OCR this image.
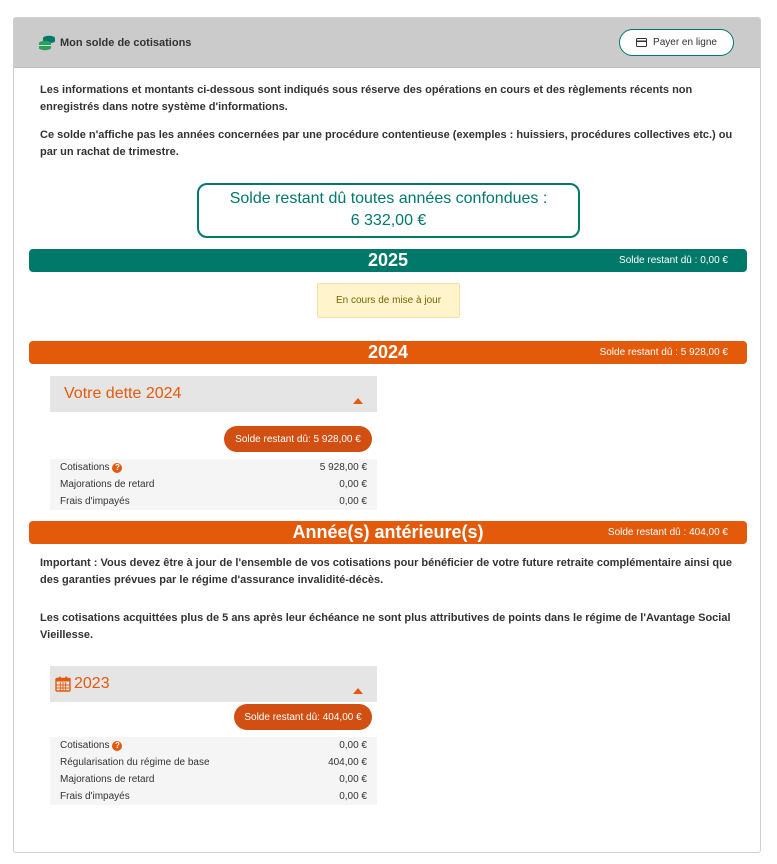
Mon solde de cotisations	Payer en ligne

Les informations et montants ci-dessous sont indiqués sous réserve des opérations en cours et des règlements récents non enregistrés dans notre système d'informations.

Ce solde n'affiche pas les années concernées par une procédure contentieuse (exemples : huissiers, procédures collectives etc.) ou par un rachat de trimestre.

Solde restant dû toutes années confondues :
6 332,00 €
2025	Solde restant dû : 0,00 €
En cours de mise à jour
2024	Solde restant dû : 5 928,00 €
Votre dette 2024
Solde restant dû: 5 928,00 €
Cotisations ?	5 928,00 €
Majorations de retard	0,00 €
Frais d'impayés	0,00 €
Année(s) antérieure(s)	Solde restant dû : 404,00 €
Important : Vous devez être à jour de l'ensemble de vos cotisations pour bénéficier de votre future retraite complémentaire ainsi que des garanties prévues par le régime d'assurance invalidité-décès.
Les cotisations acquittées plus de 5 ans après leur échéance ne sont plus attributives de points dans le régime de l'Avantage Social Vieillesse.
2023
Solde restant dû: 404,00 €
Cotisations ?	0,00 €
Régularisation du régime de base	404,00 €
Majorations de retard	0,00 €
Frais d'impayés	0,00 €
